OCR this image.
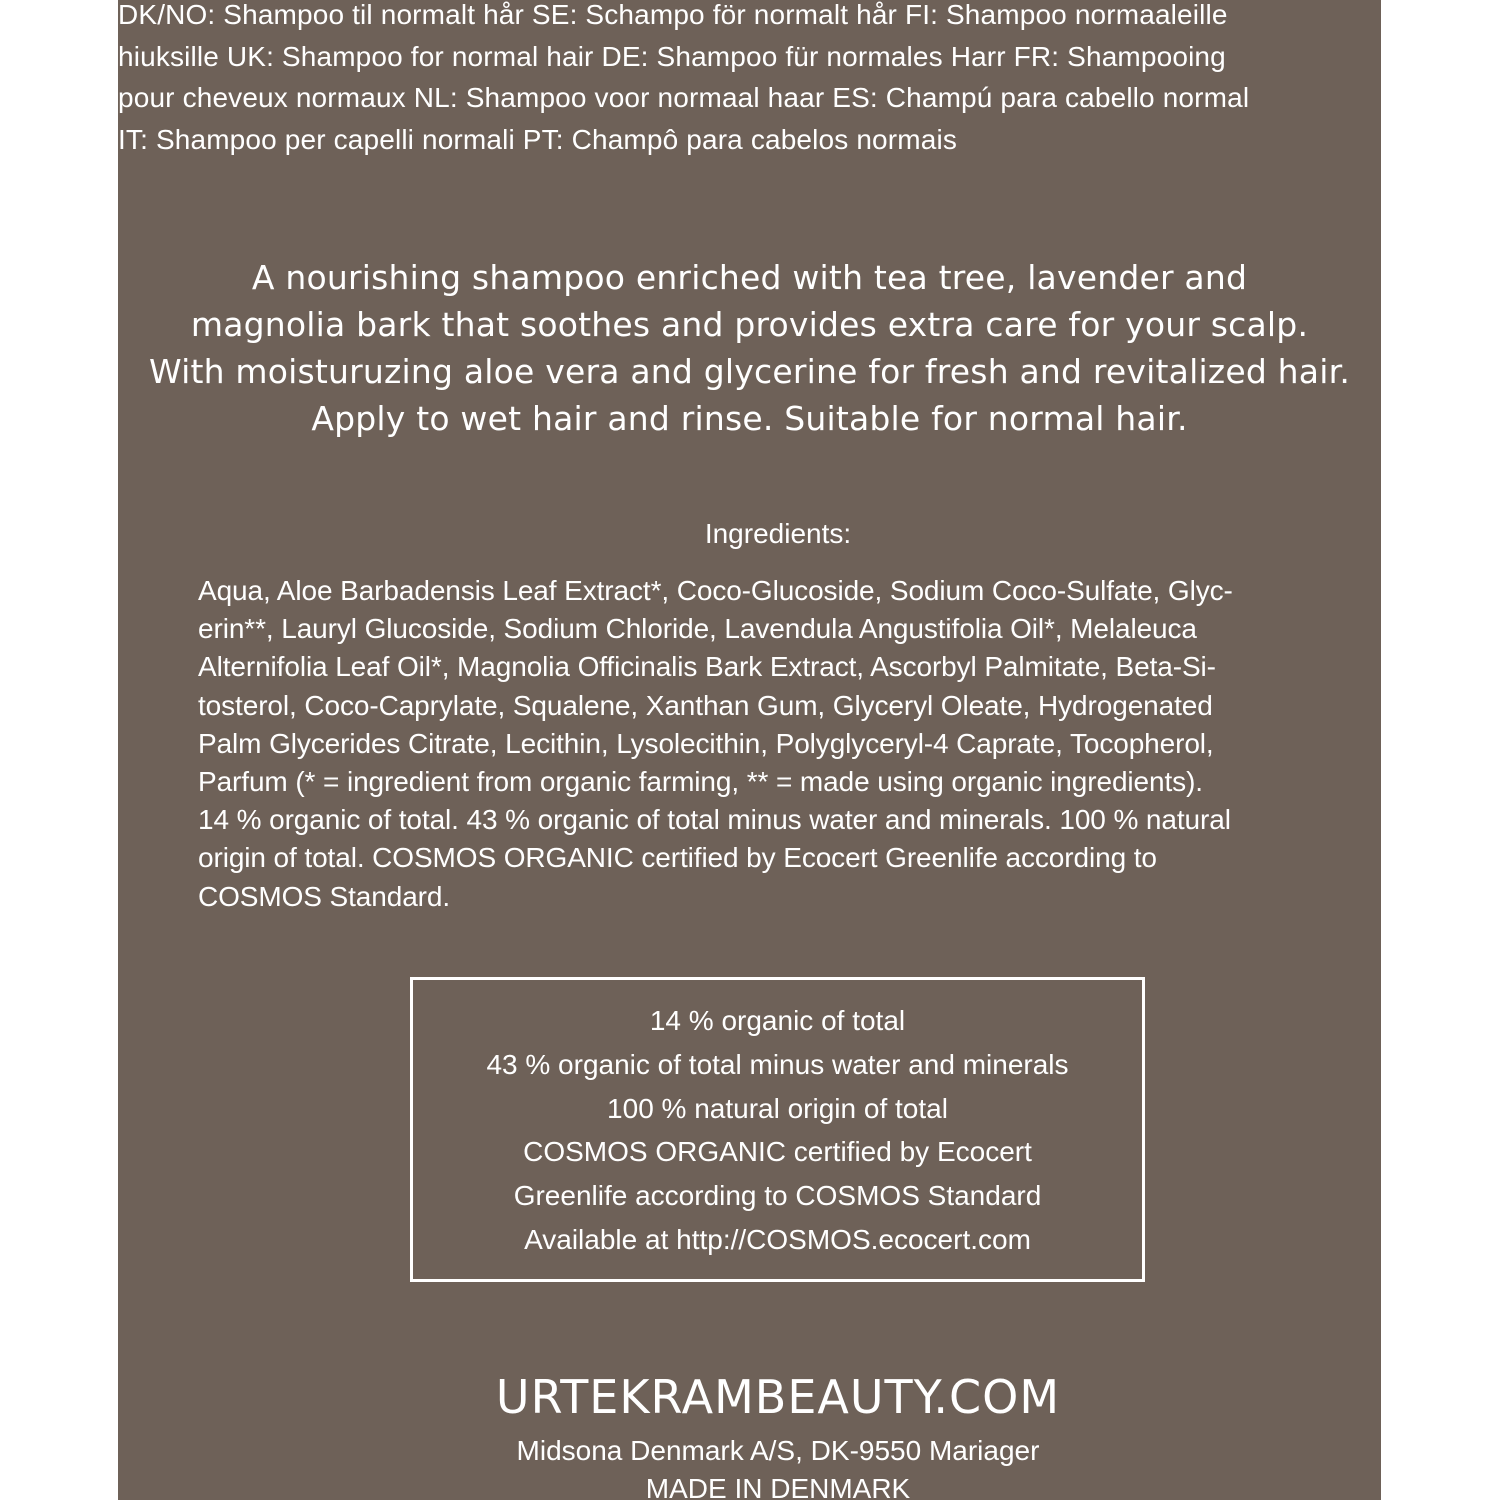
DK/NO: Shampoo til normalt hår SE: Schampo för normalt hår FI: Shampoo normaaleille
hiuksille UK: Shampoo for normal hair DE: Shampoo für normales Harr FR: Shampooing
pour cheveux normaux NL: Shampoo voor normaal haar ES: Champú para cabello normal
IT: Shampoo per capelli normali PT: Champô para cabelos normais
A nourishing shampoo enriched with tea tree, lavender and
magnolia bark that soothes and provides extra care for your scalp.
With moisturuzing aloe vera and glycerine for fresh and revitalized hair.
Apply to wet hair and rinse. Suitable for normal hair.
Ingredients:
Aqua, Aloe Barbadensis Leaf Extract*, Coco-Glucoside, Sodium Coco-Sulfate, Glyc-
erin**, Lauryl Glucoside, Sodium Chloride, Lavendula Angustifolia Oil*, Melaleuca
Alternifolia Leaf Oil*, Magnolia Officinalis Bark Extract, Ascorbyl Palmitate, Beta-Si-
tosterol, Coco-Caprylate, Squalene, Xanthan Gum, Glyceryl Oleate, Hydrogenated
Palm Glycerides Citrate, Lecithin, Lysolecithin, Polyglyceryl-4 Caprate, Tocopherol,
Parfum (* = ingredient from organic farming, ** = made using organic ingredients).
14 % organic of total. 43 % organic of total minus water and minerals. 100 % natural
origin of total. COSMOS ORGANIC certified by Ecocert Greenlife according to
COSMOS Standard.
14 % organic of total
43 % organic of total minus water and minerals
100 % natural origin of total
COSMOS ORGANIC certified by Ecocert
Greenlife according to COSMOS Standard
Available at http://COSMOS.ecocert.com
URTEKRAMBEAUTY.COM
Midsona Denmark A/S, DK-9550 Mariager
MADE IN DENMARK
